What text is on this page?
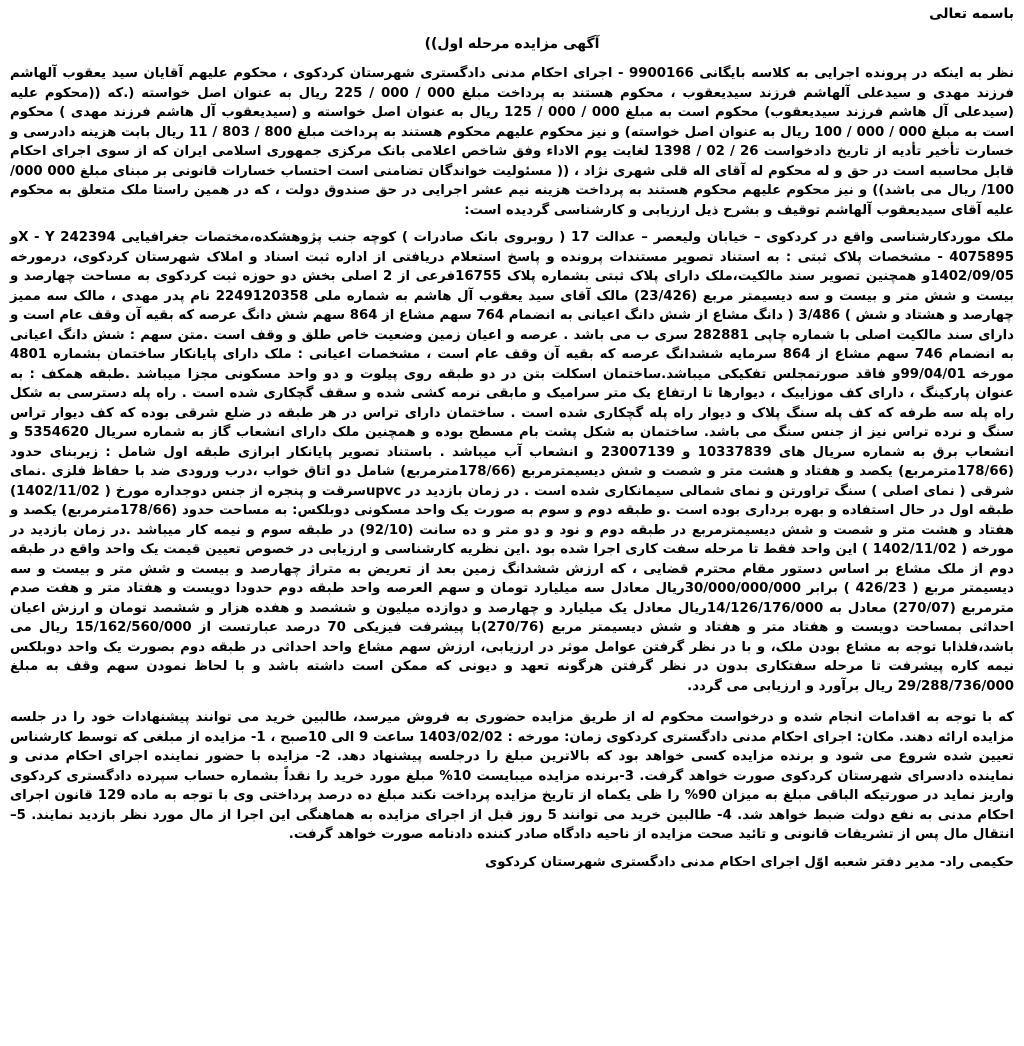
باسمه تعالی

آگهی مزایده مرحله اول))

نظر به اینکه در پرونده اجرایی به کلاسه بایگانی 9900166 - اجرای احکام مدنی دادگستری شهرستان کردکوی ، محکوم علیهم آقایان سید یعقوب آلهاشم فرزند مهدی و سیدعلی آلهاشم فرزند سیدیعقوب ، محکوم هستند به پرداخت مبلغ 000 / 000 / 225 ریال به عنوان اصل خواسته (.که ((محکوم علیه (سیدعلی آل هاشم فرزند سیدیعقوب) محکوم است به مبلغ 000 / 000 / 125 ریال به عنوان اصل خواسته و (سیدیعقوب آل هاشم فرزند مهدی ) محکوم است به مبلغ 000 / 000 / 100 ریال به عنوان اصل خواسته) و نیز محکوم علیهم محکوم هستند به پرداخت مبلغ 800 / 803 / 11 ریال بابت هزینه دادرسی و خسارت تأخیر تأدیه از تاریخ دادخواست 26 / 02 / 1398 لغایت یوم الاداء وفق شاخص اعلامی بانک مرکزی جمهوری اسلامی ایران که از سوی اجرای احکام قابل محاسبه است در حق و له محکوم له آقای اله قلی شهری نژاد ، (( مسئولیت خواندگان تضامنی است احتساب خسارات قانونی بر مبنای مبلغ 000 000/ 100/ ریال می باشد)) و نیز محکوم علیهم محکوم هستند به پرداخت هزینه نیم عشر اجرایی در حق صندوق دولت ، که در همین راستا ملک متعلق به محکوم علیه آقای سیدیعقوب آلهاشم توقیف و بشرح ذیل ارزیابی و کارشناسی گردیده است:

ملک موردکارشناسی واقع در کردکوی – خیابان ولیعصر – عدالت 17 ( روبروی بانک صادرات ) کوچه جنب پژوهشکده،مختصات جغرافیایی 242394 X - Yو 4075895 - مشخصات پلاک ثبتی : به استناد تصویر مستندات پرونده و پاسخ استعلام دریافتی از اداره ثبت اسناد و املاک شهرستان کردکوی، درمورخه 1402/09/05و همچنین تصویر سند مالکیت،ملک دارای پلاک ثبتی بشماره پلاک 16755فرعی از 2 اصلی بخش دو حوزه ثبت کردکوی به مساحت چهارصد و بیست و شش متر و بیست و سه دیسیمتر مربع (23/426) مالک آقای سید یعقوب آل هاشم به شماره ملی 2249120358 نام پدر مهدی ، مالک سه ممیز چهارصد و هشتاد و شش ) 3/486 ( دانگ مشاع از شش دانگ اعیانی به انضمام 764 سهم مشاع از 864 سهم شش دانگ عرصه که بقیه آن وقف عام است و دارای سند مالکیت اصلی با شماره چاپی 282881 سری ب می باشد . عرصه و اعیان زمین وضعیت خاص طلق و وقف است .متن سهم : شش دانگ اعیانی به انضمام 746 سهم مشاع از 864 سرمایه ششدانگ عرصه که بقیه آن وقف عام است ، مشخصات اعیانی : ملک دارای پایانکار ساختمان بشماره 4801 مورخه 99/04/01و فاقد صورتمجلس تفکیکی میباشد.ساختمان اسکلت بتن در دو طبقه روی پیلوت و دو واحد مسکونی مجزا میباشد .طبقه همکف : به عنوان پارکینگ ، دارای کف موزاییک ، دیوارها تا ارتفاع یک متر سرامیک و مابقی نرمه کشی شده و سقف گچکاری شده است . راه پله دسترسی به شکل راه پله سه طرفه که کف پله سنگ پلاک و دیوار راه پله گچکاری شده است . ساختمان دارای تراس در هر طبقه در ضلع شرقی بوده که کف دیوار تراس سنگ و نرده تراس نیز از جنس سنگ می باشد. ساختمان به شکل پشت بام مسطح بوده و همچنین ملک دارای انشعاب گاز به شماره سریال 5354620 و انشعاب برق به شماره سریال های 10337839 و 23007139 و انشعاب آب میباشد . باستناد تصویر پایانکار ابرازی طبقه اول شامل : زیربنای حدود (178/66مترمربع) یکصد و هفتاد و هشت متر و شصت و شش دیسیمترمربع (178/66مترمربع) شامل دو اتاق خواب ،درب ورودی ضد با حفاظ فلزی .نمای شرقی ( نمای اصلی ) سنگ تراورتن و نمای شمالی سیمانکاری شده است . در زمان بازدید در upvcسرقت و پنجره از جنس دوجداره مورخ ( 1402/11/02) طبقه اول در حال استفاده و بهره برداری بوده است .و طبقه دوم و سوم به صورت یک واحد مسکونی دوبلکس: به مساحت حدود (178/66مترمربع) یکصد و هفتاد و هشت متر و شصت و شش دیسیمترمربع در طبقه دوم و نود و دو متر و ده سانت (92/10) در طبقه سوم و نیمه کار میباشد .در زمان بازدید در مورخه ( 1402/11/02 ) این واحد فقط تا مرحله سفت کاری اجرا شده بود .این نظریه کارشناسی و ارزیابی در خصوص تعیین قیمت یک واحد واقع در طبقه دوم از ملک مشاع بر اساس دستور مقام محترم قضایی ، که ارزش ششدانگ زمین بعد از تعریض به متراژ چهارصد و بیست و شش متر و بیست و سه دیسیمتر مربع ( 426/23 ) برابر 30/000/000/000ریال معادل سه میلیارد تومان و سهم العرصه واحد طبقه دوم حدودا دویست و هفتاد متر و هفت صدم مترمربع (270/07) معادل به 14/126/176/000ریال معادل یک میلیارد و چهارصد و دوازده میلیون و ششصد و هفده هزار و ششصد تومان و ارزش اعیان احداثی بمساحت دویست و هفتاد متر و هفتاد و شش دیسیمتر مربع (270/76)با پیشرفت فیزیکی 70 درصد عبارتست از 15/162/560/000 ریال می باشد،فلذابا توجه به مشاع بودن ملک، و با در نظر گرفتن عوامل موثر در ارزیابی، ارزش سهم مشاع واحد احداثی در طبقه دوم بصورت یک واحد دوبلکس نیمه کاره پیشرفت تا مرحله سفتکاری بدون در نظر گرفتن هرگونه تعهد و دیونی که ممکن است داشته باشد و با لحاظ نمودن سهم وقف به مبلغ 29/288/736/000 ریال برآورد و ارزیابی می گردد.

که با توجه به اقدامات انجام شده و درخواست محکوم له از طریق مزایده حضوری به فروش میرسد، طالبین خرید می توانند پیشنهادات خود را در جلسه مزایده ارائه دهند. مکان: اجرای احکام مدنی دادگستری کردکوی زمان: مورخه : 1403/02/02 ساعت 9 الی 10صبح ، 1- مزایده از مبلغی که توسط کارشناس تعیین شده شروع می شود و برنده مزایده کسی خواهد بود که بالاترین مبلغ را درجلسه پیشنهاد دهد. 2- مزایده با حضور نماینده اجرای احکام مدنی و نماینده دادسرای شهرستان کردکوی صورت خواهد گرفت. 3-برنده مزایده میبایست 10% مبلغ مورد خرید را نقداً بشماره حساب سپرده دادگستری کردکوی واریز نماید در صورتیکه الباقی مبلغ به میزان 90% را ظی یکماه از تاریخ مزایده پرداخت نکند مبلغ ده درصد پرداختی وی با توجه به ماده 129 قانون اجرای احکام مدنی به نفع دولت ضبط خواهد شد. 4- طالبین خرید می توانند 5 روز قبل از اجرای مزایده به هماهنگی این اجرا از مال مورد نظر بازدید نمایند. 5– انتقال مال پس از تشریفات قانونی و تائید صحت مزایده از ناحیه دادگاه صادر کننده دادنامه صورت خواهد گرفت.

حکیمی راد- مدیر دفتر شعبه اوّل اجرای احکام مدنی دادگستری شهرستان کردکوی
